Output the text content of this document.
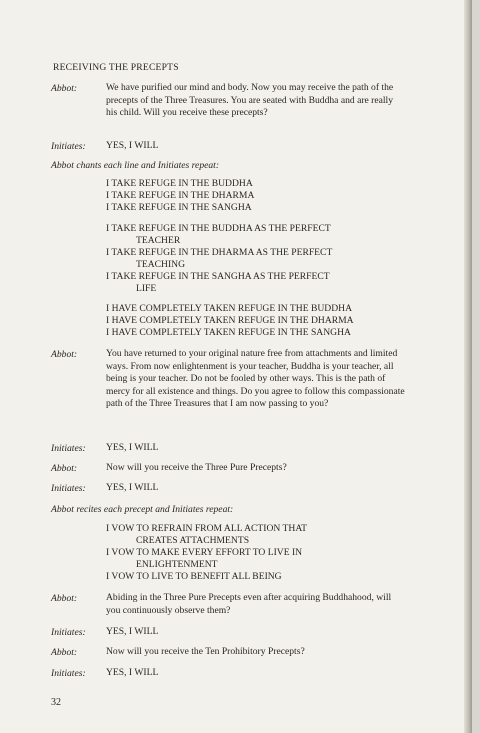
RECEIVING THE PRECEPTS
Abbot:	We have purified our mind and body. Now you may receive the path of the precepts of the Three Treasures. You are seated with Buddha and are really his child. Will you receive these precepts?
Initiates: YES, I WILL
Abbot chants each line and Initiates repeat:
I TAKE REFUGE IN THE BUDDHA
I TAKE REFUGE IN THE DHARMA
I TAKE REFUGE IN THE SANGHA
I TAKE REFUGE IN THE BUDDHA AS THE PERFECT
TEACHER
I TAKE REFUGE IN THE DHARMA AS THE PERFECT
TEACHING
I TAKE REFUGE IN THE SANGHA AS THE PERFECT
LIFE
I HAVE COMPLETELY TAKEN REFUGE IN THE BUDDHA
I HAVE COMPLETELY TAKEN REFUGE IN THE DHARMA
I HAVE COMPLETELY TAKEN REFUGE IN THE SANGHA
Abbot:	You have returned to your original nature free from attachments and limited ways. From now enlightenment is your teacher, Buddha is your teacher, all being is your teacher. Do not be fooled by other ways. This is the path of mercy for all existence and things. Do you agree to follow this compassionate path of the Three Treasures that I am now passing to you?
Initiates: YES, I WILL
Abbot:	Now will you receive the Three Pure Precepts?
Initiates: YES, I WILL
Abbot recites each precept and Initiates repeat:
I VOW TO REFRAIN FROM ALL ACTION THAT
CREATES ATTACHMENTS
I VOW TO MAKE EVERY EFFORT TO LIVE IN
ENLIGHTENMENT
I VOW TO LIVE TO BENEFIT ALL BEING
Abbot:	Abiding in the Three Pure Precepts even after acquiring Buddhahood, will you continuously observe them?
Initiates: YES, I WILL
Abbot:	Now will you receive the Ten Prohibitory Precepts?
Initiates: YES, I WILL
32
